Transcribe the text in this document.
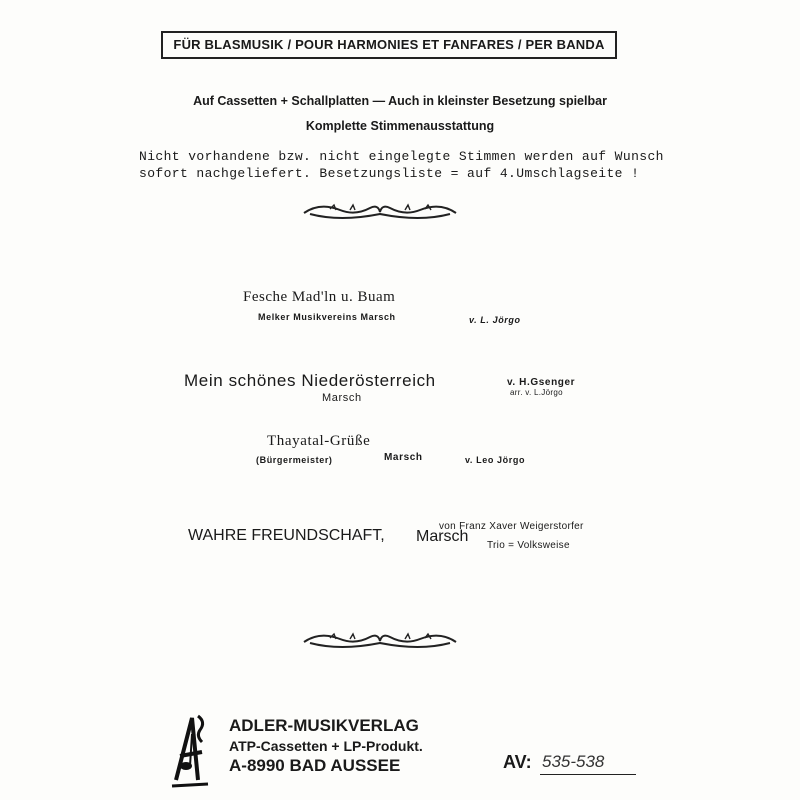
FÜR BLASMUSIK / POUR HARMONIES ET FANFARES / PER BANDA
Auf Cassetten + Schallplatten — Auch in kleinster Besetzung spielbar
Komplette Stimmenausstattung
Nicht vorhandene bzw. nicht eingelegte Stimmen werden auf Wunsch
sofort nachgeliefert. Besetzungsliste = auf 4.Umschlagseite !
Fesche Mad'ln u. Buam
Melker Musikvereins Marsch	v. L. Jörgo
Mein schönes Niederösterreich
Marsch
v. H.Gsenger
arr. v. L.Jörgo
Thayatal-Grüße
(Bürgermeister)	Marsch	v. Leo Jörgo
WAHRE FREUNDSCHAFT, Marsch
von Franz Xaver Weigerstorfer
Trio = Volksweise
ADLER-MUSIKVERLAG
ATP-Cassetten + LP-Produkt.
A-8990 BAD AUSSEE	AV: 535-538
